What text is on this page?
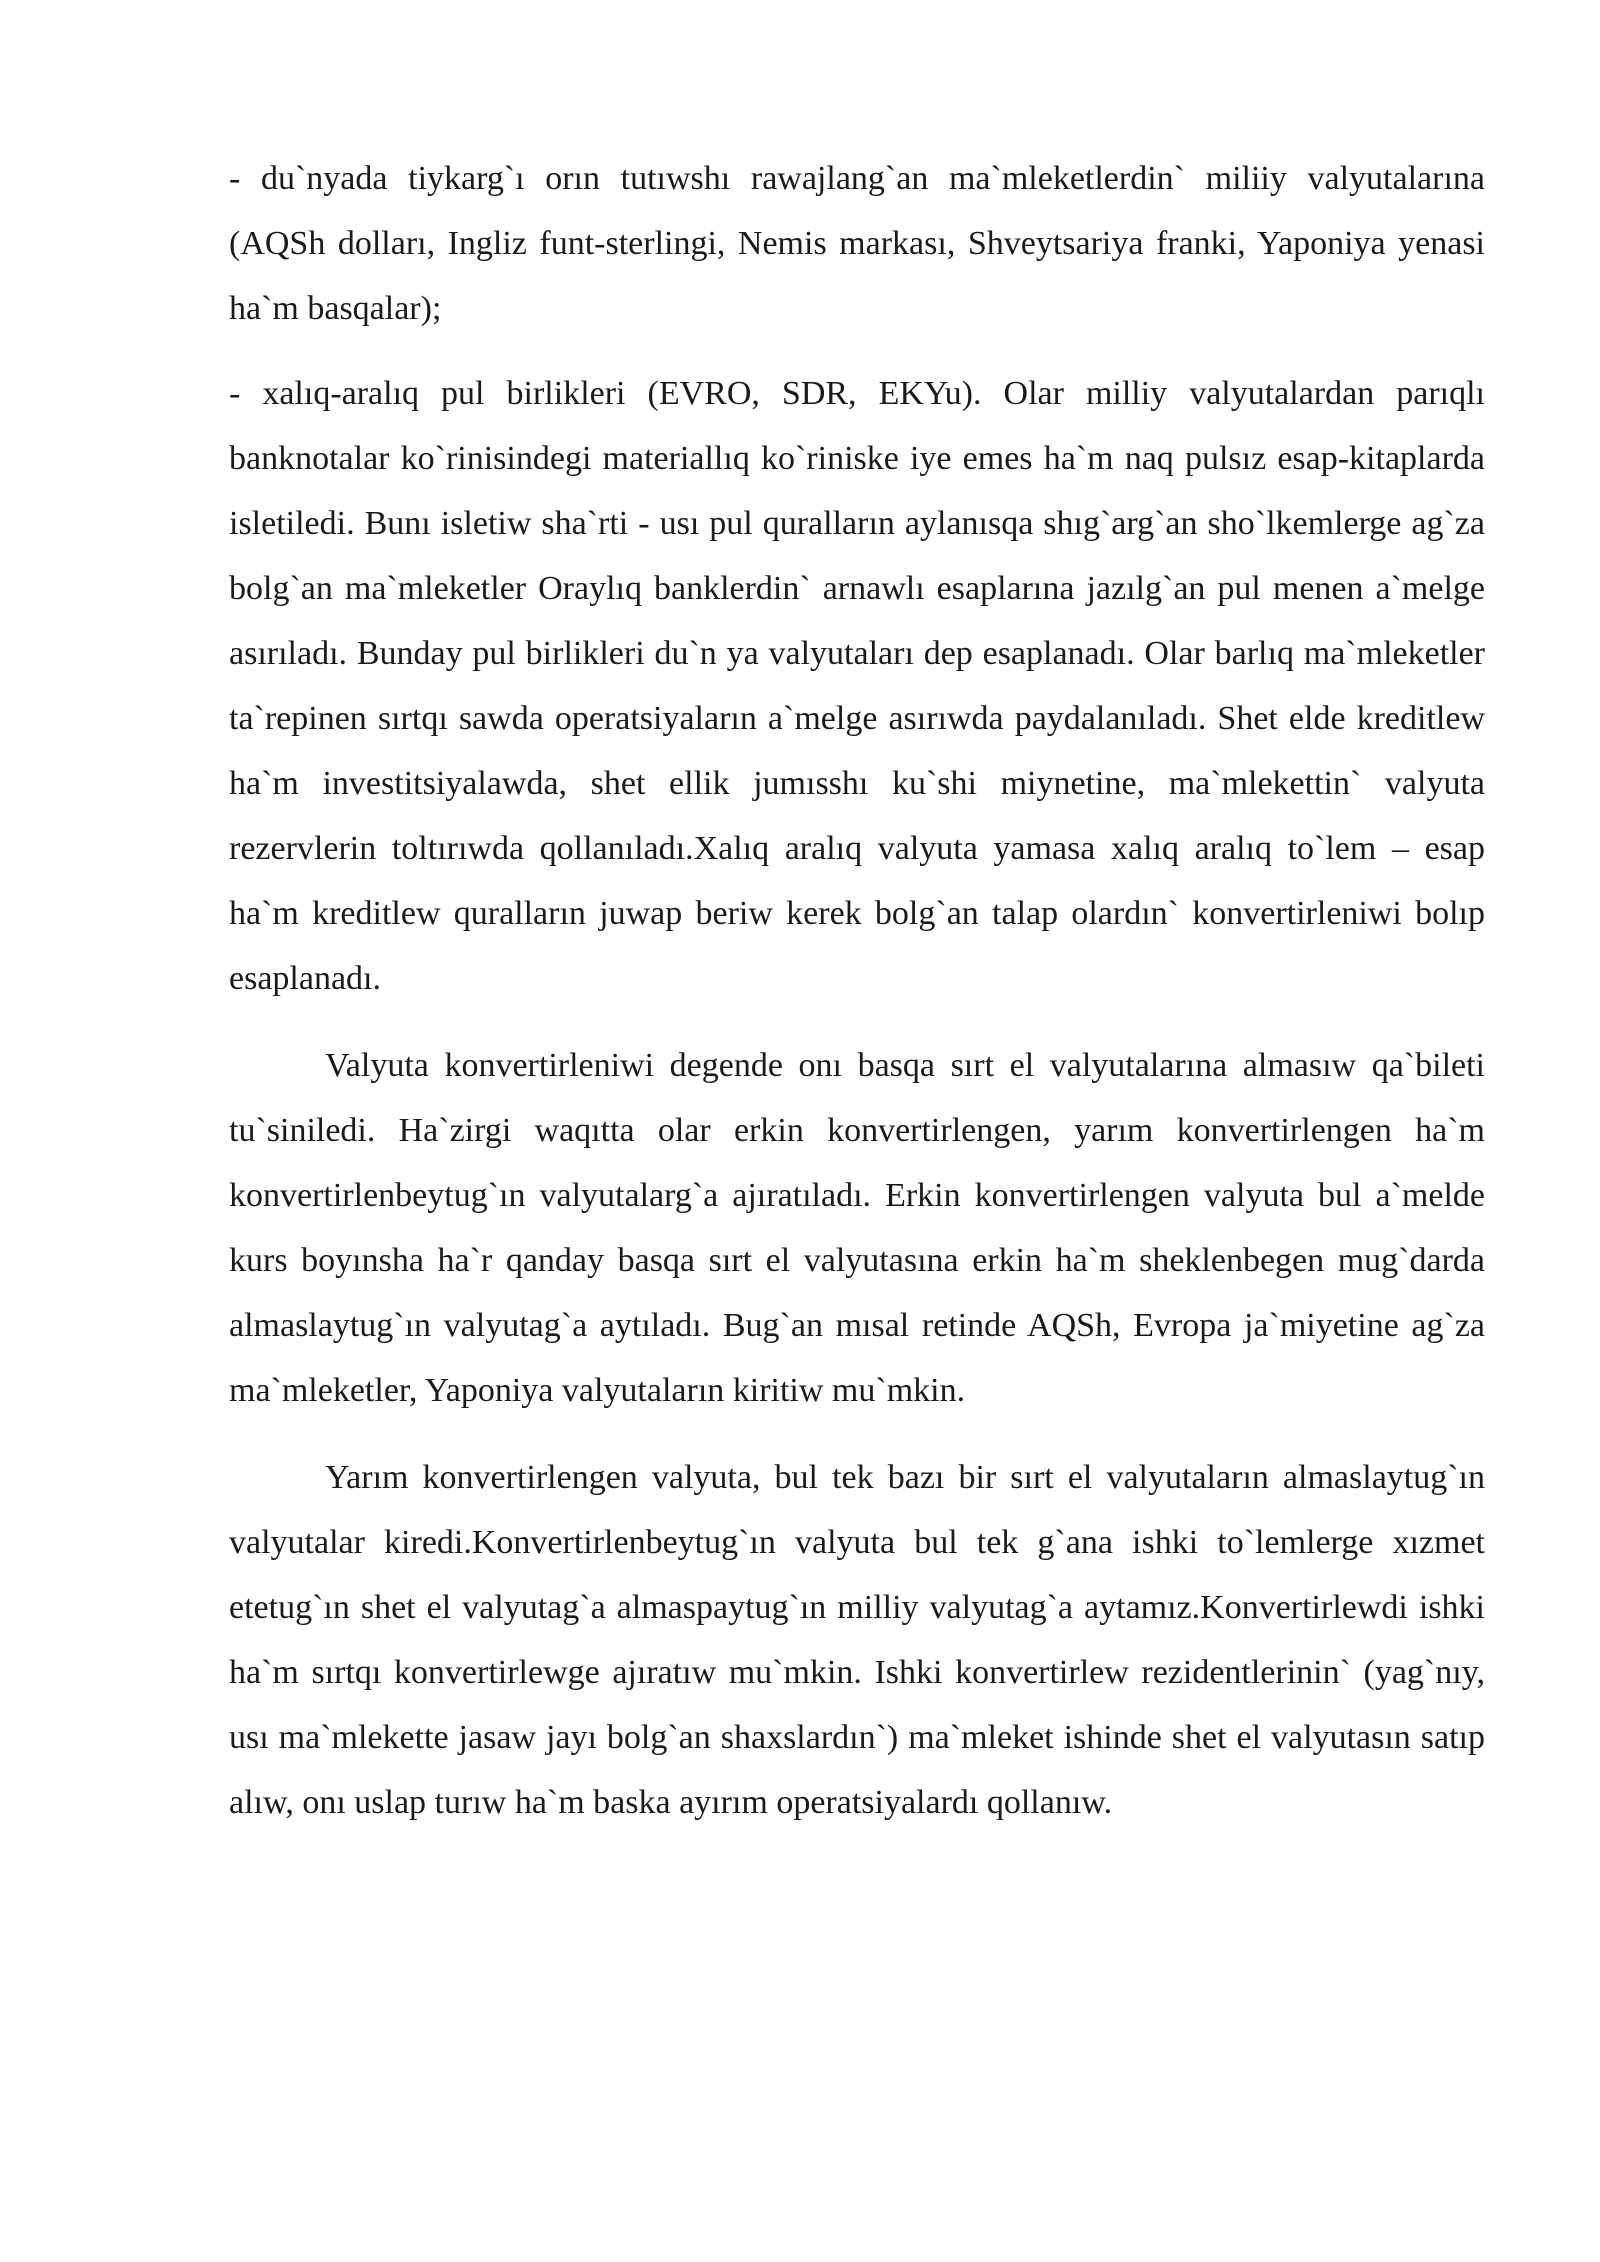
- du`nyada tiykarg`ı orın tutıwshı rawajlang`an ma`mleketlerdin` miliiy valyutalarına (AQSh dolları, Ingliz funt-sterlingi, Nemis markası, Shveytsariya franki, Yaponiya yenasi ha`m basqalar);

- xalıq-aralıq pul birlikleri (EVRO, SDR, EKYu). Olar milliy valyutalardan parıqlı banknotalar ko`rinisindegi materiallıq ko`riniske iye emes ha`m naq pulsız esap-kitaplarda isletiledi. Bunı isletiw sha`rti - usı pul quralların aylanısqa shıg`arg`an sho`lkemlerge ag`za bolg`an ma`mleketler Oraylıq banklerdin` arnawlı esaplarına jazılg`an pul menen a`melge asırıladı. Bunday pul birlikleri du`n ya valyutaları dep esaplanadı. Olar barlıq ma`mleketler ta`repinen sırtqı sawda operatsiyaların a`melge asırıwda paydalanıladı. Shet elde kreditlew ha`m investitsiyalawda, shet ellik jumısshı ku`shi miynetine, ma`mlekettin` valyuta rezervlerin toltırıwda qollanıladı.Xalıq aralıq valyuta yamasa xalıq aralıq to`lem – esap ha`m kreditlew quralların juwap beriw kerek bolg`an talap olardın` konvertirleniwi bolıp esaplanadı.

Valyuta konvertirleniwi degende onı basqa sırt el valyutalarına almasıw qa`bileti tu`siniledi. Ha`zirgi waqıtta olar erkin konvertirlengen, yarım konvertirlengen ha`m konvertirlenbeytug`ın valyutalarg`a ajıratıladı. Erkin konvertirlengen valyuta bul a`melde kurs boyınsha ha`r qanday basqa sırt el valyutasına erkin ha`m sheklenbegen mug`darda almaslaytug`ın valyutag`a aytıladı. Bug`an mısal retinde AQSh, Evropa ja`miyetine ag`za ma`mleketler, Yaponiya valyutaların kiritiw mu`mkin.

Yarım konvertirlengen valyuta, bul tek bazı bir sırt el valyutaların almaslaytug`ın valyutalar kiredi.Konvertirlenbeytug`ın valyuta bul tek g`ana ishki to`lemlerge xızmet etetug`ın shet el valyutag`a almaspaytug`ın milliy valyutag`a aytamız.Konvertirlewdi ishki ha`m sırtqı konvertirlewge ajıratıw mu`mkin. Ishki konvertirlew rezidentlerinin` (yag`nıy, usı ma`mlekette jasaw jayı bolg`an shaxslardın`) ma`mleket ishinde shet el valyutasın satıp alıw, onı uslap turıw ha`m baska ayırım operatsiyalardı qollanıw.
